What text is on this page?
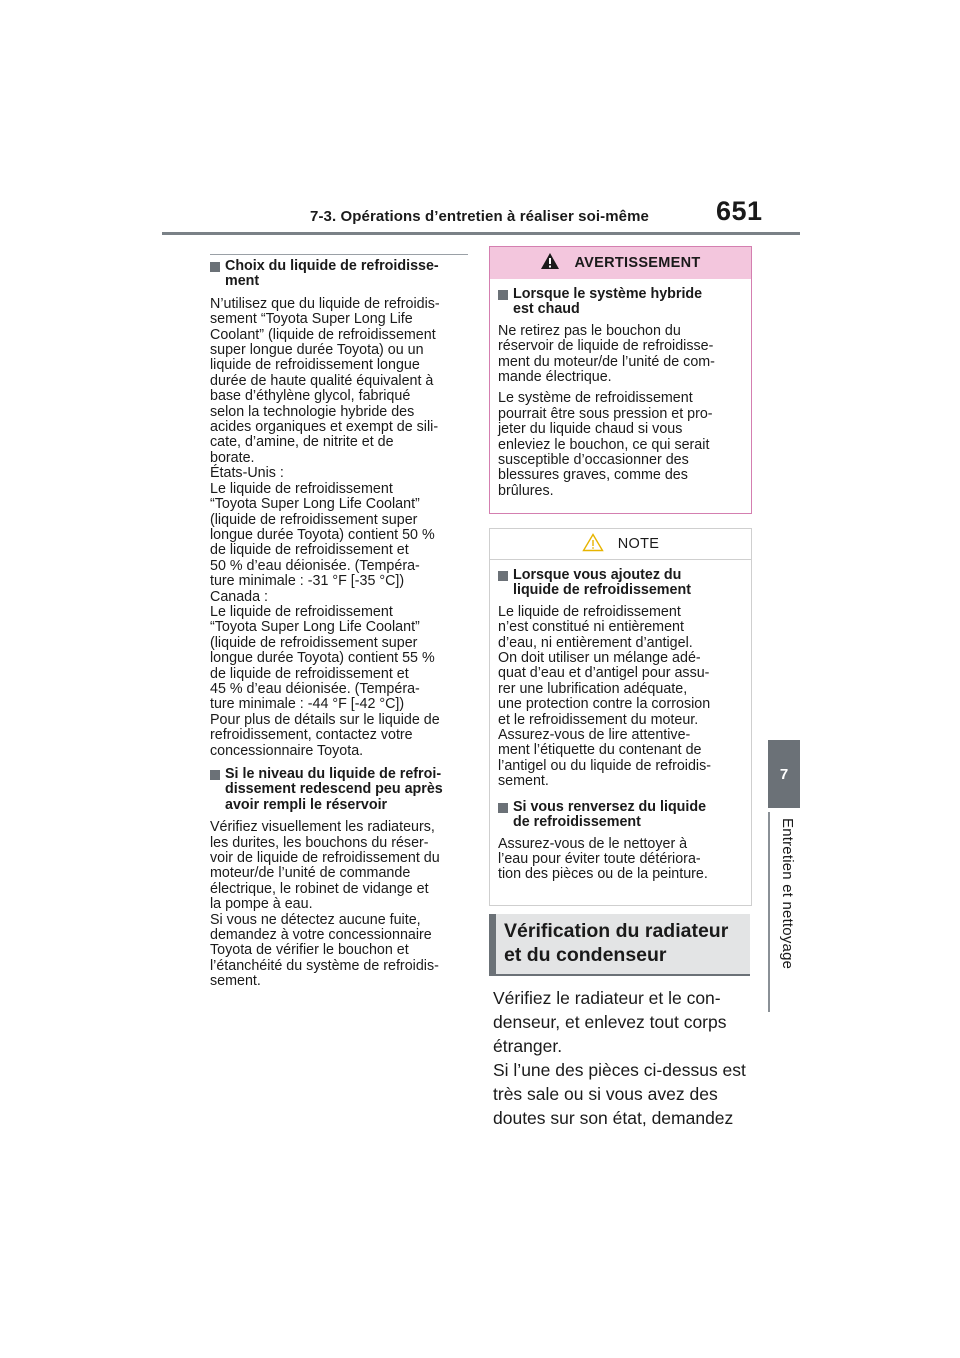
7-3. Opérations d’entretien à réaliser soi-même 651
7
Entretien et nettoyage
Choix du liquide de refroidisse-
ment
N’utilisez que du liquide de refroidis-
sement “Toyota Super Long Life
Coolant” (liquide de refroidissement
super longue durée Toyota) ou un
liquide de refroidissement longue
durée de haute qualité équivalent à
base d’éthylène glycol, fabriqué
selon la technologie hybride des
acides organiques et exempt de sili-
cate, d’amine, de nitrite et de
borate.
États-Unis :
Le liquide de refroidissement
“Toyota Super Long Life Coolant”
(liquide de refroidissement super
longue durée Toyota) contient 50 %
de liquide de refroidissement et
50 % d’eau déionisée. (Tempéra-
ture minimale : -31 °F [-35 °C])
Canada :
Le liquide de refroidissement
“Toyota Super Long Life Coolant”
(liquide de refroidissement super
longue durée Toyota) contient 55 %
de liquide de refroidissement et
45 % d’eau déionisée. (Tempéra-
ture minimale : -44 °F [-42 °C])
Pour plus de détails sur le liquide de
refroidissement, contactez votre
concessionnaire Toyota.
Si le niveau du liquide de refroi-
dissement redescend peu après
avoir rempli le réservoir
Vérifiez visuellement les radiateurs,
les durites, les bouchons du réser-
voir de liquide de refroidissement du
moteur/de l’unité de commande
électrique, le robinet de vidange et
la pompe à eau.
Si vous ne détectez aucune fuite,
demandez à votre concessionnaire
Toyota de vérifier le bouchon et
l’étanchéité du système de refroidis-
sement.
AVERTISSEMENT
Lorsque le système hybride
est chaud
Ne retirez pas le bouchon du
réservoir de liquide de refroidisse-
ment du moteur/de l’unité de com-
mande électrique.
Le système de refroidissement
pourrait être sous pression et pro-
jeter du liquide chaud si vous
enleviez le bouchon, ce qui serait
susceptible d’occasionner des
blessures graves, comme des
brûlures.
NOTE
Lorsque vous ajoutez du
liquide de refroidissement
Le liquide de refroidissement
n’est constitué ni entièrement
d’eau, ni entièrement d’antigel.
On doit utiliser un mélange adé-
quat d’eau et d’antigel pour assu-
rer une lubrification adéquate,
une protection contre la corrosion
et le refroidissement du moteur.
Assurez-vous de lire attentive-
ment l’étiquette du contenant de
l’antigel ou du liquide de refroidis-
sement.
Si vous renversez du liquide
de refroidissement
Assurez-vous de le nettoyer à
l’eau pour éviter toute détériora-
tion des pièces ou de la peinture.
Vérification du radiateur
et du condenseur
Vérifiez le radiateur et le con-
denseur, et enlevez tout corps
étranger.
Si l’une des pièces ci-dessus est
très sale ou si vous avez des
doutes sur son état, demandez
